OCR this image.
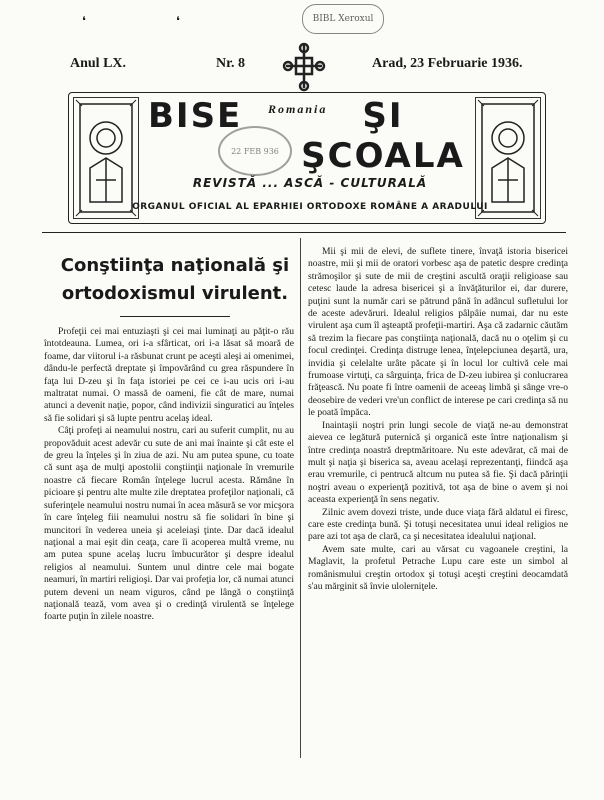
BIBL Xeroxul
❛	❛
Anul LX.	Nr. 8	Arad, 23 Februarie 1936.
BISE Romania	ŞI ŞCOALA
22 FEB 936
REVISTĂ ... ASCĂ - CULTURALĂ
ORGANUL OFICIAL AL EPARHIEI ORTODOXE ROMÂNE A ARADULUI
Conştiinţa naţională şi
ortodoxismul virulent.

Profeţii cei mai entuziaşti şi cei mai luminaţi au păţit-o rău întotdeauna. Lumea, ori i-a sfârticat, ori i-a lăsat să moară de foame, dar viitorul i-a răsbunat crunt pe aceşti aleşi ai omenimei, dându-le perfectă dreptate şi împovărând cu grea răspundere în faţa lui D-zeu şi în faţa istoriei pe cei ce i-au ucis ori i-au maltratat numai. O massă de oameni, fie cât de mare, numai atunci a devenit naţie, popor, când indivizii singuratici au înţeles să fie solidari şi să lupte pentru acelaş ideal.

Câţi profeţi ai neamului nostru, cari au suferit cumplit, nu au propovăduit acest adevăr cu sute de ani mai înainte şi cât este el de greu la înţeles şi în ziua de azi. Nu am putea spune, cu toate că sunt aşa de mulţi apostolii conştiinţii naţionale în vremurile noastre că fiecare Român înţelege lucrul acesta. Rămâne în picioare şi pentru alte multe zile dreptatea profeţilor naţionali, că suferinţele neamului nostru numai în acea măsură se vor micşora în care înţeleg fiii neamului nostru să fie solidari în bine şi muncitori în vederea uneia şi aceleiaşi ţinte. Dar dacă idealul naţional a mai eşit din ceaţa, care îi acoperea multă vreme, nu am putea spune acelaş lucru îmbucurător şi despre idealul religios al neamului. Suntem unul dintre cele mai bogate neamuri, în martiri religioşi. Dar vai profeţia lor, că numai atunci putem deveni un neam viguros, când pe lângă o conştiinţă naţională tează, vom avea şi o credinţă virulentă se înţelege foarte puţin în zilele noastre.

Mii şi mii de elevi, de suflete tinere, învaţă istoria bisericei noastre, mii şi mii de oratori vorbesc aşa de patetic despre credinţa strămoşilor şi sute de mii de creştini ascultă oraţii religioase sau cetesc laude la adresa bisericei şi a învăţăturilor ei, dar durere, puţini sunt la număr cari se pătrund până în adâncul sufletului lor de aceste adevăruri. Idealul religios pâlpâie numai, dar nu este virulent aşa cum îl aşteaptă profeţii-martiri. Aşa că zadarnic căutăm să trezim la fiecare pas conştiinţa naţională, dacă nu o oţelim şi cu focul credinţei. Credinţa distruge lenea, înţelepciunea deşartă, ura, invidia şi celelalte urâte păcate şi în locul lor cultivă cele mai frumoase virtuţi, ca sârguinţa, frica de D-zeu iubirea şi conlucrarea frăţească. Nu poate fi între oamenii de aceeaş limbă şi sânge vre-o deosebire de vederi vre'un conflict de interese pe cari credinţa să nu le poată împăca.

Inaintaşii noştri prin lungi secole de viaţă ne-au demonstrat aievea ce legătură puternică şi organică este între naţionalism şi între credinţa noastră dreptmăritoare. Nu este adevărat, că mai de mult şi naţia şi biserica sa, aveau acelaşi reprezentanţi, fiindcă aşa erau vremurile, ci pentrucă altcum nu putea să fie. Şi dacă părinţii noştri aveau o experienţă pozitivă, tot aşa de bine o avem şi noi aceasta experienţă în sens negativ.

Zilnic avem dovezi triste, unde duce viaţa fără aldatul ei firesc, care este credinţa bună. Şi totuşi necesitatea unui ideal religios ne pare azi tot aşa de clară, ca şi necesitatea idealului naţional.

Avem sate multe, cari au vărsat cu vagoanele creştini, la Maglavit, la profetul Petrache Lupu care este un simbol al românismului creştin ortodox şi totuşi aceşti creştini deocamdată s'au mărginit să învie ulolerniţele.
